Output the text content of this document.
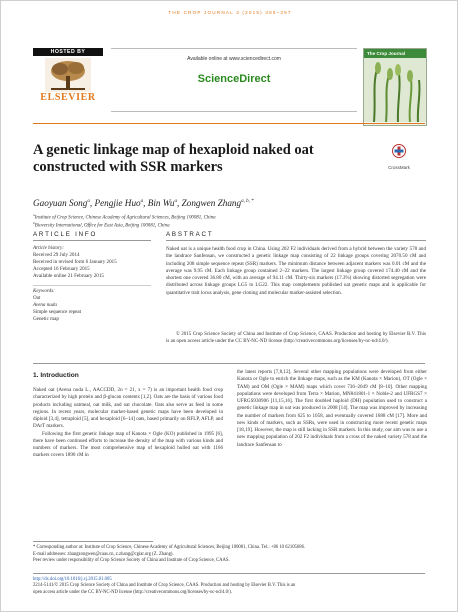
THE CROP JOURNAL 3 (2015) 385–397
HOSTED BY
ELSEVIER
Available online at www.sciencedirect.com
ScienceDirect
The Crop Journal
A genetic linkage map of hexaploid naked oat constructed with SSR markers	CrossMark
Gaoyuan Song$^a$, Pengjie Huo$^a$, Bin Wu$^a$, Zongwen Zhang$^{a, b, *}$
$^a$Institute of Crop Science, Chinese Academy of Agricultural Sciences, Beijing 100081, China
$^b$Bioversity International, Office for East Asia, Beijing 100081, China
ARTICLE INFO	ABSTRACT
Article history:
Received 29 July 2014
Received in revised form 6 January 2015
Accepted 16 February 2015
Available online 21 February 2015
Keywords:
Oat
Avena nuda
Simple sequence repeat
Genetic map

Naked oat is a unique health food crop in China. Using 202 F2 individuals derived from a hybrid between the variety 578 and the landrace Sanfensan, we constructed a genetic linkage map consisting of 22 linkage groups covering 2070.50 cM and including 208 simple sequence repeat (SSR) markers. The minimum distance between adjacent markers was 0.01 cM and the average was 9.95 cM. Each linkage group contained 2–22 markers. The largest linkage group covered 174.40 cM and the shortest one covered 36.80 cM, with an average of 94.11 cM. Thirty-six markers (17.3%) showing distorted segregation were distributed across linkage groups LG5 to LG22. This map complements published oat genetic maps and is applicable for quantitative trait locus analysis, gene cloning and molecular marker-assisted selection.

© 2015 Crop Science Society of China and Institute of Crop Science, CAAS. Production and hosting by Elsevier B.V. This is an open access article under the CC BY-NC-ND license (http://creativecommons.org/licenses/by-nc-nd/4.0/).
1. Introduction

Naked oat (Avena nuda L., AACCDD, 2n = 21, x = 7) is an important health food crop characterized by high protein and β-glucan contents [1,2]. Oats are the basis of various food products including oatmeal, oat milk, and oat chocolate. Oats also serve as feed in some regions. In recent years, molecular marker-based genetic maps have been developed in diploid [3,4], tetraploid [5], and hexaploid [6–14] oats, based primarily on RFLP, AFLP, and DArT markers.

Following the first genetic linkage map of Kanota × Ogle (KO) published in 1995 [6], there have been continued efforts to increase the density of the map with various kinds and numbers of markers. The most comprehensive map of hexaploid hulled oat with 1166 markers covers 1890 cM in

the latest reports [7,8,12]. Several other mapping populations were developed from either Kanota or Ogle to enrich the linkage maps, such as the KM (Kanota × Marion), OT (Ogle × TAM) and OM (Ogle × MAM) maps which cover 736–2049 cM [8–10]. Other mapping populations were developed from Terra × Marion, MN841801-1 × Noble-2 and UFRGS7 × UFRGS930906 [11,15,16]. The first doubled haploid (DH) population used to construct a genetic linkage map in oat was produced in 2008 [14]. The map was improved by increasing the number of markers from 625 to 1058, and eventually covered 1688 cM [17]. More and new kinds of markers, such as SSRs, were used in constructing more recent genetic maps [18,19]. However, the map is still lacking in SSR markers. In this study, our aim was to use a new mapping population of 202 F2 individuals from a cross of the naked variety 578 and the landrace Sanfensan to

* Corresponding author at: Institute of Crop Science, Chinese Academy of Agricultural Sciences, Beijing 100081, China. Tel.: +86 10 62105686.
E-mail addresses: zhangzongwen@caas.cn, z.zhang@cgiar.org (Z. Zhang).
Peer review under responsibility of Crop Science Society of China and Institute of Crop Science, CAAS.
http://dx.doi.org/10.1016/j.cj.2015.01.005
2214-5141/© 2015 Crop Science Society of China and Institute of Crop Science, CAAS. Production and hosting by Elsevier B.V. This is an
open access article under the CC BY-NC-ND license (http://creativecommons.org/licenses/by-nc-nd/4.0/).
